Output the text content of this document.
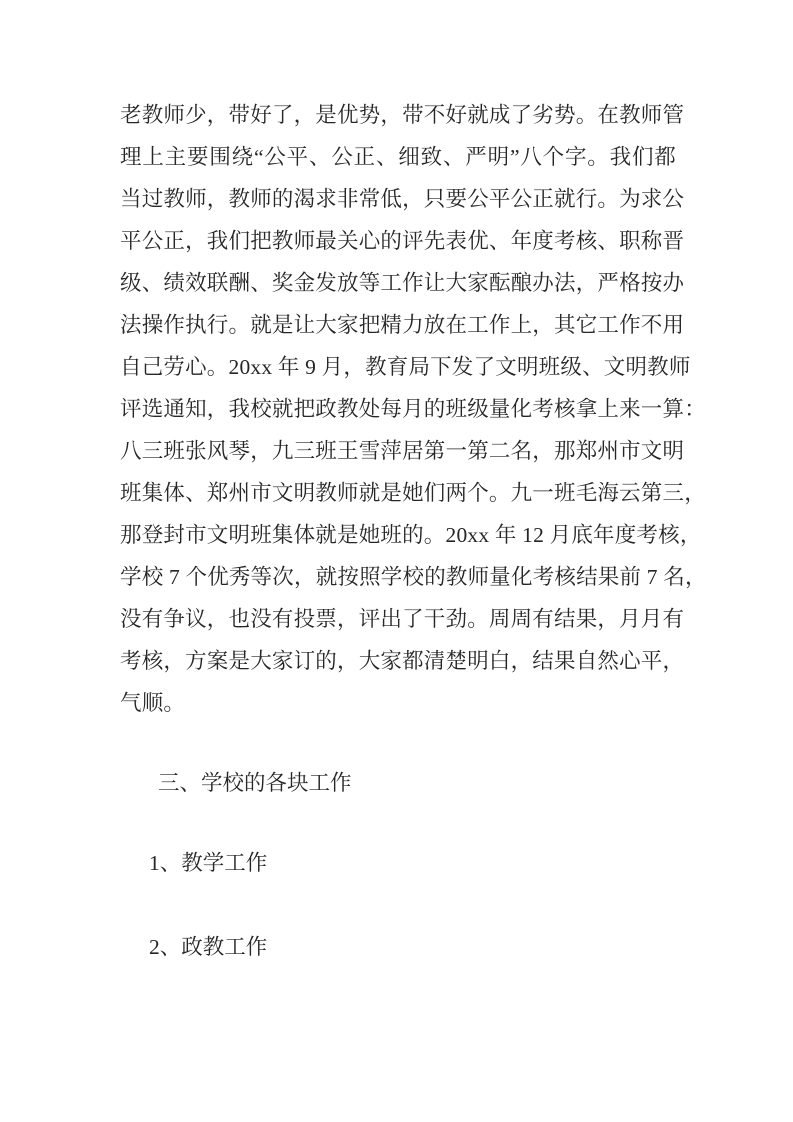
老教师少，带好了，是优势，带不好就成了劣势。在教师管

理上主要围绕“公平、公正、细致、严明”八个字。我们都

当过教师，教师的渴求非常低，只要公平公正就行。为求公

平公正，我们把教师最关心的评先表优、年度考核、职称晋

级、绩效联酬、奖金发放等工作让大家酝酿办法，严格按办

法操作执行。就是让大家把精力放在工作上，其它工作不用

自己劳心。20xx 年 9 月，教育局下发了文明班级、文明教师

评选通知，我校就把政教处每月的班级量化考核拿上来一算：

八三班张风琴，九三班王雪萍居第一第二名，那郑州市文明

班集体、郑州市文明教师就是她们两个。九一班毛海云第三，

那登封市文明班集体就是她班的。20xx 年 12 月底年度考核，

学校 7 个优秀等次，就按照学校的教师量化考核结果前 7 名，

没有争议，也没有投票，评出了干劲。周周有结果，月月有

考核，方案是大家订的，大家都清楚明白，结果自然心平，

气顺。

三、学校的各块工作

1、教学工作

2、政教工作
